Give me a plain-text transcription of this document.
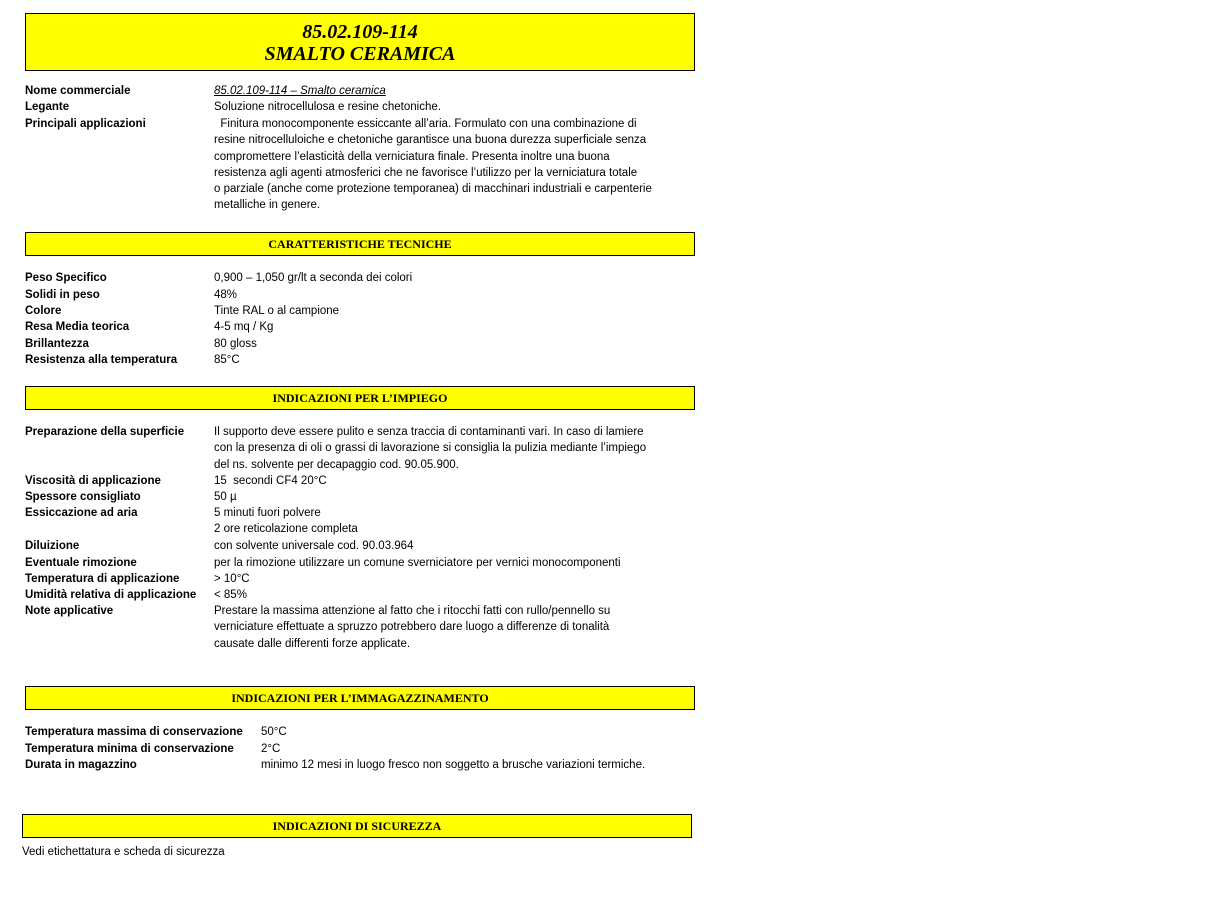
85.02.109-114
SMALTO CERAMICA
Nome commerciale	85.02.109-114 – Smalto ceramica
Legante	Soluzione nitrocellulosa e resine chetoniche.
Principali applicazioni	Finitura monocomponente essiccante all’aria. Formulato con una combinazione di
resine nitrocelluloiche e chetoniche garantisce una buona durezza superficiale senza
compromettere l’elasticità della verniciatura finale. Presenta inoltre una buona
resistenza agli agenti atmosferici che ne favorisce l’utilizzo per la verniciatura totale
o parziale (anche come protezione temporanea) di macchinari industriali e carpenterie
metalliche in genere.
CARATTERISTICHE TECNICHE
Peso Specifico	0,900 – 1,050 gr/lt a seconda dei colori
Solidi in peso	48%
Colore	Tinte RAL o al campione
Resa Media teorica	4-5 mq / Kg
Brillantezza	80 gloss
Resistenza alla temperatura	85°C
INDICAZIONI PER L’IMPIEGO
Preparazione della superficie	Il supporto deve essere pulito e senza traccia di contaminanti vari. In caso di lamiere
con la presenza di oli o grassi di lavorazione si consiglia la pulizia mediante l’impiego
del ns. solvente per decapaggio cod. 90.05.900.
Viscosità di applicazione	15  secondi CF4 20°C
Spessore consigliato	50 µ
Essiccazione ad aria	5 minuti fuori polvere
2 ore reticolazione completa
Diluizione	con solvente universale cod. 90.03.964
Eventuale rimozione	per la rimozione utilizzare un comune sverniciatore per vernici monocomponenti
Temperatura di applicazione	> 10°C
Umidità relativa di applicazione < 85%
Note applicative	Prestare la massima attenzione al fatto che i ritocchi fatti con rullo/pennello su
verniciature effettuate a spruzzo potrebbero dare luogo a differenze di tonalità
causate dalle differenti forze applicate.
INDICAZIONI PER L’IMMAGAZZINAMENTO
Temperatura massima di conservazione 50°C
Temperatura minima di conservazione 2°C
Durata in magazzino	minimo 12 mesi in luogo fresco non soggetto a brusche variazioni termiche.
INDICAZIONI DI SICUREZZA
Vedi etichettatura e scheda di sicurezza
